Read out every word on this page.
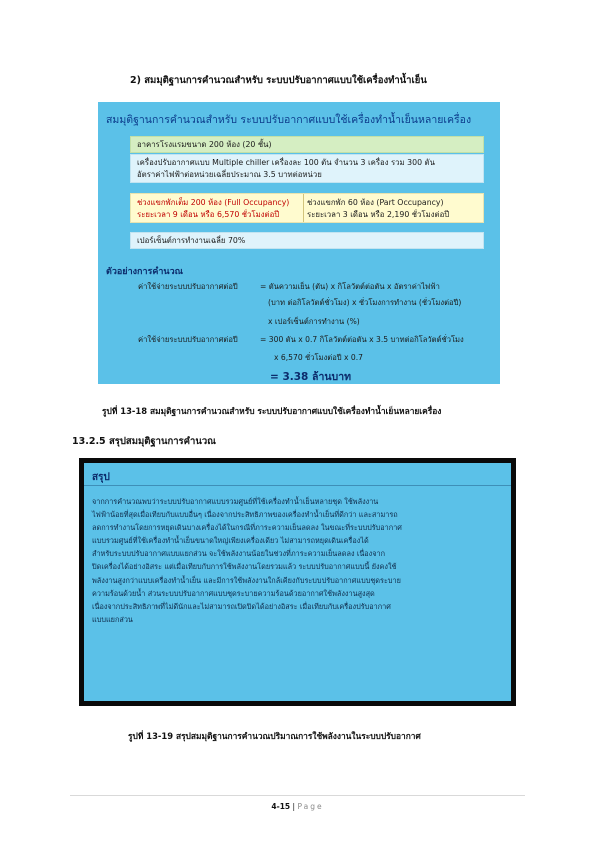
2) สมมุติฐานการคำนวณสำหรับ ระบบปรับอากาศแบบใช้เครื่องทำน้ำเย็น
สมมุติฐานการคำนวณสำหรับ ระบบปรับอากาศแบบใช้เครื่องทำน้ำเย็นหลายเครื่อง
อาคารโรงแรมขนาด 200 ห้อง (20 ชั้น)
เครื่องปรับอากาศแบบ Multiple chiller เครื่องละ 100 ตัน จำนวน 3 เครื่อง รวม 300 ตัน
อัตราค่าไฟฟ้าต่อหน่วยเฉลี่ยประมาณ 3.5 บาทต่อหน่วย
ช่วงแขกพักเต็ม 200 ห้อง (Full Occupancy)
ระยะเวลา 9 เดือน หรือ 6,570 ชั่วโมงต่อปี
ช่วงแขกพัก 60 ห้อง (Part Occupancy)
ระยะเวลา 3 เดือน หรือ 2,190 ชั่วโมงต่อปี
เปอร์เซ็นต์การทำงานเฉลี่ย 70%
ตัวอย่างการคำนวณ
ค่าใช้จ่ายระบบปรับอากาศต่อปี	= ตันความเย็น (ตัน) x กิโลวัตต์ต่อตัน x อัตราค่าไฟฟ้า
(บาท ต่อกิโลวัตต์ชั่วโมง) x ชั่วโมงการทำงาน (ชั่วโมงต่อปี)
x เปอร์เซ็นต์การทำงาน (%)
ค่าใช้จ่ายระบบปรับอากาศต่อปี	= 300 ตัน x 0.7 กิโลวัตต์ต่อตัน x 3.5 บาทต่อกิโลวัตต์ชั่วโมง
x 6,570 ชั่วโมงต่อปี x 0.7
= 3.38 ล้านบาท
รูปที่ 13-18 สมมุติฐานการคำนวณสำหรับ ระบบปรับอากาศแบบใช้เครื่องทำน้ำเย็นหลายเครื่อง
13.2.5 สรุปสมมุติฐานการคำนวณ
สรุป
จากการคำนวณพบว่าระบบปรับอากาศแบบรวมศูนย์ที่ใช้เครื่องทำน้ำเย็นหลายชุด ใช้พลังงาน
ไฟฟ้าน้อยที่สุดเมื่อเทียบกับแบบอื่นๆ เนื่องจากประสิทธิภาพของเครื่องทำน้ำเย็นที่ดีกว่า และสามารถ
ลดการทำงานโดยการหยุดเดินบางเครื่องได้ในกรณีที่ภาระความเย็นลดลง ในขณะที่ระบบปรับอากาศ
แบบรวมศูนย์ที่ใช้เครื่องทำน้ำเย็นขนาดใหญ่เพียงเครื่องเดียว ไม่สามารถหยุดเดินเครื่องได้
สำหรับระบบปรับอากาศแบบแยกส่วน จะใช้พลังงานน้อยในช่วงที่ภาระความเย็นลดลง เนื่องจาก
ปิดเครื่องได้อย่างอิสระ แต่เมื่อเทียบกับการใช้พลังงานโดยรวมแล้ว ระบบปรับอากาศแบบนี้ ยังคงใช้
พลังงานสูงกว่าแบบเครื่องทำน้ำเย็น และมีการใช้พลังงานใกล้เคียงกับระบบปรับอากาศแบบชุดระบาย
ความร้อนด้วยน้ำ ส่วนระบบปรับอากาศแบบชุดระบายความร้อนด้วยอากาศใช้พลังงานสูงสุด
เนื่องจากประสิทธิภาพที่ไม่ดีนักและไม่สามารถเปิดปิดได้อย่างอิสระ เมื่อเทียบกับเครื่องปรับอากาศ
แบบแยกส่วน
รูปที่ 13-19 สรุปสมมุติฐานการคำนวณปริมาณการใช้พลังงานในระบบปรับอากาศ
4-15 | Page
